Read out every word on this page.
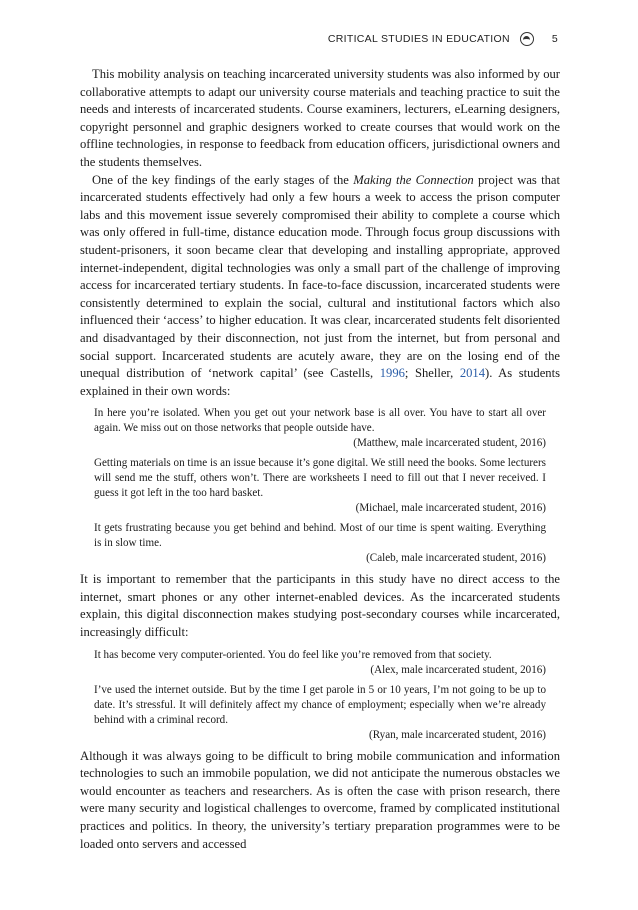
CRITICAL STUDIES IN EDUCATION	5

This mobility analysis on teaching incarcerated university students was also informed by our collaborative attempts to adapt our university course materials and teaching practice to suit the needs and interests of incarcerated students. Course examiners, lecturers, eLearning designers, copyright personnel and graphic designers worked to create courses that would work on the offline technologies, in response to feedback from education officers, jurisdictional owners and the students themselves.

One of the key findings of the early stages of the Making the Connection project was that incarcerated students effectively had only a few hours a week to access the prison computer labs and this movement issue severely compromised their ability to complete a course which was only offered in full-time, distance education mode. Through focus group discussions with student-prisoners, it soon became clear that developing and installing appropriate, approved internet-independent, digital technologies was only a small part of the challenge of improving access for incarcerated tertiary students. In face-to-face discussion, incarcerated students were consistently determined to explain the social, cultural and institutional factors which also influenced their ‘access’ to higher education. It was clear, incarcerated students felt disoriented and disadvantaged by their disconnection, not just from the internet, but from personal and social support. Incarcerated students are acutely aware, they are on the losing end of the unequal distribution of ‘network capital’ (see Castells, 1996; Sheller, 2014). As students explained in their own words:

In here you’re isolated. When you get out your network base is all over. You have to start all over again. We miss out on those networks that people outside have.
(Matthew, male incarcerated student, 2016)
Getting materials on time is an issue because it’s gone digital. We still need the books. Some lecturers will send me the stuff, others won’t. There are worksheets I need to fill out that I never received. I guess it got left in the too hard basket.
(Michael, male incarcerated student, 2016)
It gets frustrating because you get behind and behind. Most of our time is spent waiting. Everything is in slow time.
(Caleb, male incarcerated student, 2016)

It is important to remember that the participants in this study have no direct access to the internet, smart phones or any other internet-enabled devices. As the incarcerated students explain, this digital disconnection makes studying post-secondary courses while incarcerated, increasingly difficult:

It has become very computer-oriented. You do feel like you’re removed from that society.
(Alex, male incarcerated student, 2016)
I’ve used the internet outside. But by the time I get parole in 5 or 10 years, I’m not going to be up to date. It’s stressful. It will definitely affect my chance of employment; especially when we’re already behind with a criminal record.
(Ryan, male incarcerated student, 2016)

Although it was always going to be difficult to bring mobile communication and information technologies to such an immobile population, we did not anticipate the numerous obstacles we would encounter as teachers and researchers. As is often the case with prison research, there were many security and logistical challenges to overcome, framed by complicated institutional practices and politics. In theory, the university’s tertiary preparation programmes were to be loaded onto servers and accessed
